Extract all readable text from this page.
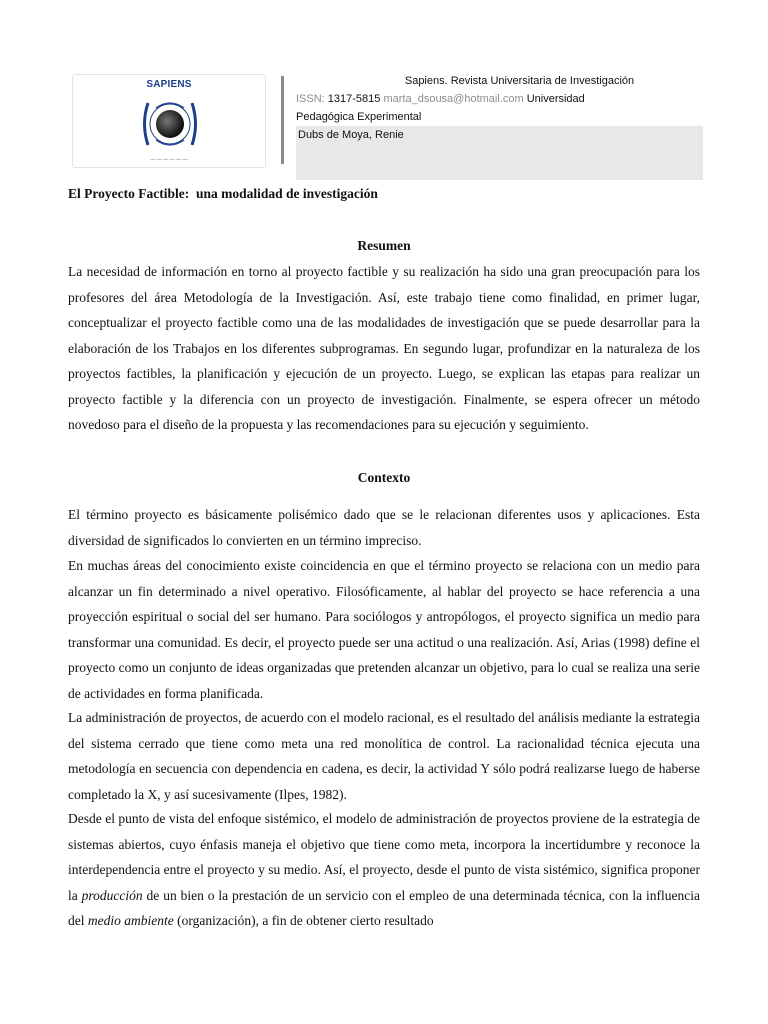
SAPIENS
— — — — — —
Sapiens. Revista Universitaria de Investigación
ISSN: 1317-5815 marta_dsousa@hotmail.com Universidad
Pedagógica Experimental
Dubs de Moya, Renie
El Proyecto Factible:  una modalidad de investigación
Resumen

La necesidad de información en torno al proyecto factible y su realización ha sido una gran preocupación para los profesores del área Metodología de la Investigación. Así, este trabajo tiene como finalidad, en primer lugar, conceptualizar el proyecto factible como una de las modalidades de investigación que se puede desarrollar para la elaboración de los Trabajos en los diferentes subprogramas. En segundo lugar, profundizar en la naturaleza de los proyectos factibles, la planificación y ejecución de un proyecto. Luego, se explican las etapas para realizar un proyecto factible y la diferencia con un proyecto de investigación. Finalmente, se espera ofrecer un método novedoso para el diseño de la propuesta y las recomendaciones para su ejecución y seguimiento.

Contexto

El término proyecto es básicamente polisémico dado que se le relacionan diferentes usos y aplicaciones. Esta diversidad de significados lo convierten en un término impreciso.

En muchas áreas del conocimiento existe coincidencia en que el término proyecto se relaciona con un medio para alcanzar un fin determinado a nivel operativo. Filosóficamente, al hablar del proyecto se hace referencia a una proyección espiritual o social del ser humano. Para sociólogos y antropólogos, el proyecto significa un medio para transformar una comunidad. Es decir, el proyecto puede ser una actitud o una realización. Así, Arias (1998) define el proyecto como un conjunto de ideas organizadas que pretenden alcanzar un objetivo, para lo cual se realiza una serie de actividades en forma planificada.

La administración de proyectos, de acuerdo con el modelo racional, es el resultado del análisis mediante la estrategia del sistema cerrado que tiene como meta una red monolítica de control. La racionalidad técnica ejecuta una metodología en secuencia con dependencia en cadena, es decir, la actividad Y sólo podrá realizarse luego de haberse completado la X, y así sucesivamente (Ilpes, 1982).

Desde el punto de vista del enfoque sistémico, el modelo de administración de proyectos proviene de la estrategia de sistemas abiertos, cuyo énfasis maneja el objetivo que tiene como meta, incorpora la incertidumbre y reconoce la interdependencia entre el proyecto y su medio. Así, el proyecto, desde el punto de vista sistémico, significa proponer la producción de un bien o la prestación de un servicio con el empleo de una determinada técnica, con la influencia del medio ambiente (organización), a fin de obtener cierto resultado
